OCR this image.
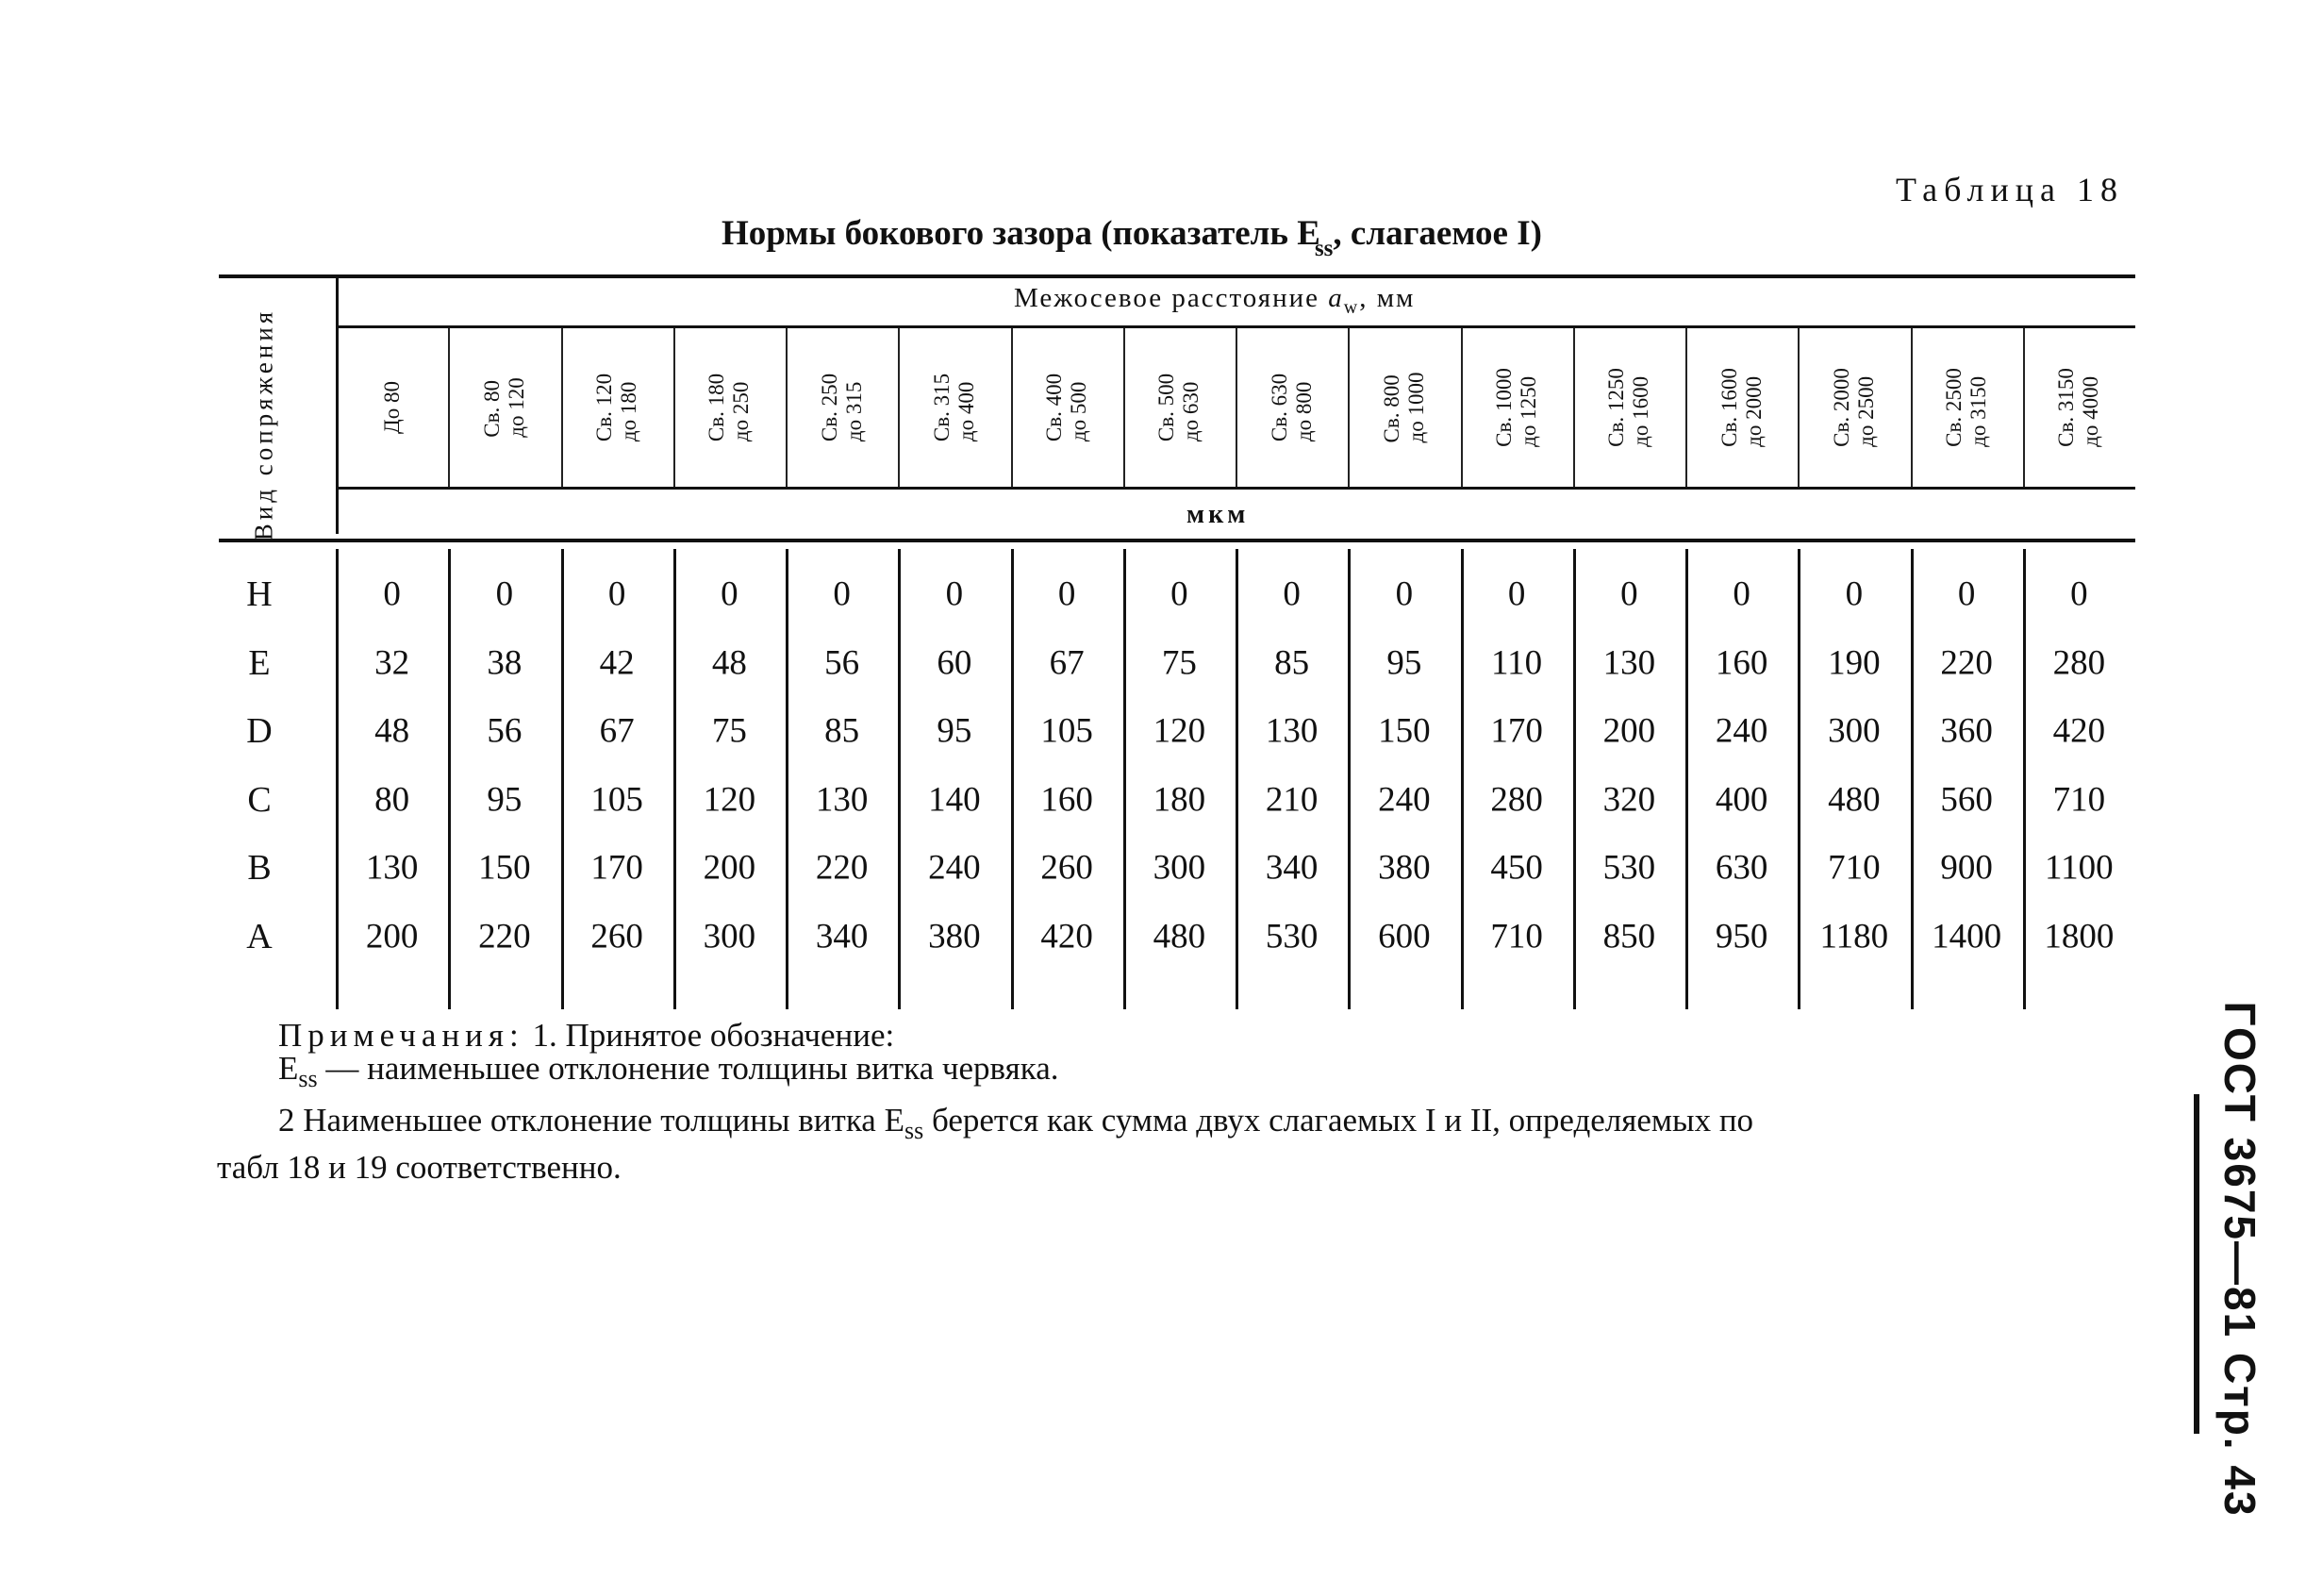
Таблица 18
Нормы бокового зазора (показатель $E_{ss}$, слагаемое I)
Вид сопряжения
Межосевое расстояние $a_w$, мм
мкм
До 80	Св. 80 до 120	Св. 120 до 180	Св. 180 до 250	Св. 250 до 315	Св. 315 до 400	Св. 400 до 500	Св. 500 до 630	Св. 630 до 800	Св. 800 до 1000	Св. 1000 до 1250	Св. 1250 до 1600	Св. 1600 до 2000	Св. 2000 до 2500	Св. 2500 до 3150	Св. 3150 до 4000
H	0	0	0	0	0	0	0	0	0	0	0	0	0	0	0	0
E	32 38 42 48 56 60 67 75 85 95 110 130 160 190 220 280
D	48 56 67 75 85 95 105 120 130 150 170 200 240 300 360 420
C	80 95 105 120 130 140 160 180 210 240 280 320 400 480 560 710
B	130 150 170 200 220 240 260 300 340 380 450 530 630 710 900 1100
A	200 220 260 300 340 380 420 480 530 600 710 850 950 1180 1400 1800
Примечания: 1. Принятое обозначение:
$E_{ss}$ — наименьшее отклонение толщины витка червяка.
2 Наименьшее отклонение толщины витка $E_{ss}$ берется как сумма двух слагаемых I и II, определяемых по
табл 18 и 19 соответственно.	ГОСТ 3675—81 Стр. 43
